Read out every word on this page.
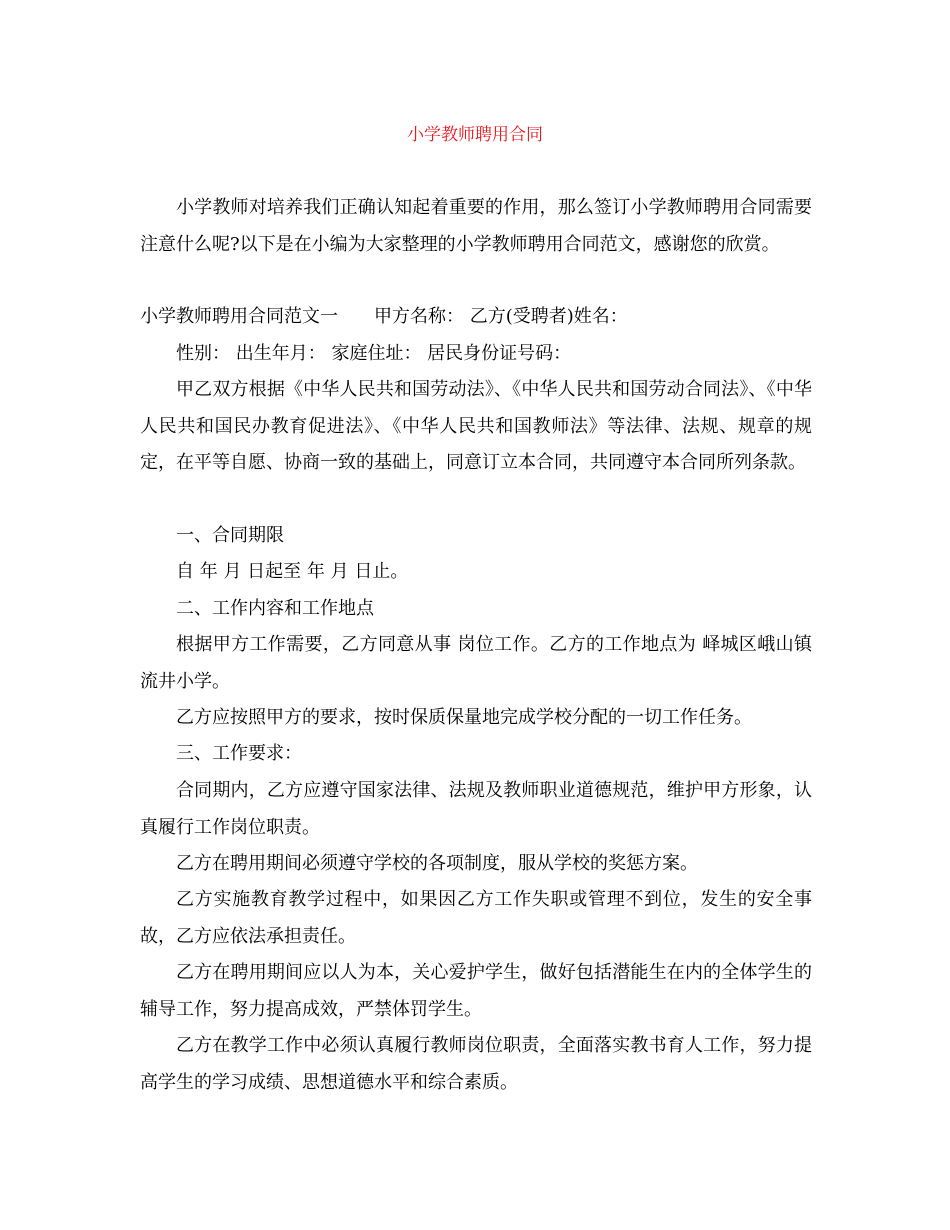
小学教师聘用合同

小学教师对培养我们正确认知起着重要的作用，那么签订小学教师聘用合同需要注意什么呢?以下是在小编为大家整理的小学教师聘用合同范文，感谢您的欣赏。

小学教师聘用合同范文一 甲方名称： 乙方(受聘者)姓名：

性别： 出生年月： 家庭住址： 居民身份证号码：

甲乙双方根据《中华人民共和国劳动法》、《中华人民共和国劳动合同法》、《中华人民共和国民办教育促进法》、《中华人民共和国教师法》等法律、法规、规章的规定，在平等自愿、协商一致的基础上，同意订立本合同，共同遵守本合同所列条款。

一、合同期限

自 年 月 日起至 年 月 日止。

二、工作内容和工作地点

根据甲方工作需要，乙方同意从事 岗位工作。乙方的工作地点为 峄城区峨山镇流井小学。

乙方应按照甲方的要求，按时保质保量地完成学校分配的一切工作任务。

三、工作要求：

合同期内，乙方应遵守国家法律、法规及教师职业道德规范，维护甲方形象，认真履行工作岗位职责。

乙方在聘用期间必须遵守学校的各项制度，服从学校的奖惩方案。

乙方实施教育教学过程中，如果因乙方工作失职或管理不到位，发生的安全事故，乙方应依法承担责任。

乙方在聘用期间应以人为本，关心爱护学生，做好包括潜能生在内的全体学生的辅导工作，努力提高成效，严禁体罚学生。

乙方在教学工作中必须认真履行教师岗位职责，全面落实教书育人工作，努力提高学生的学习成绩、思想道德水平和综合素质。
